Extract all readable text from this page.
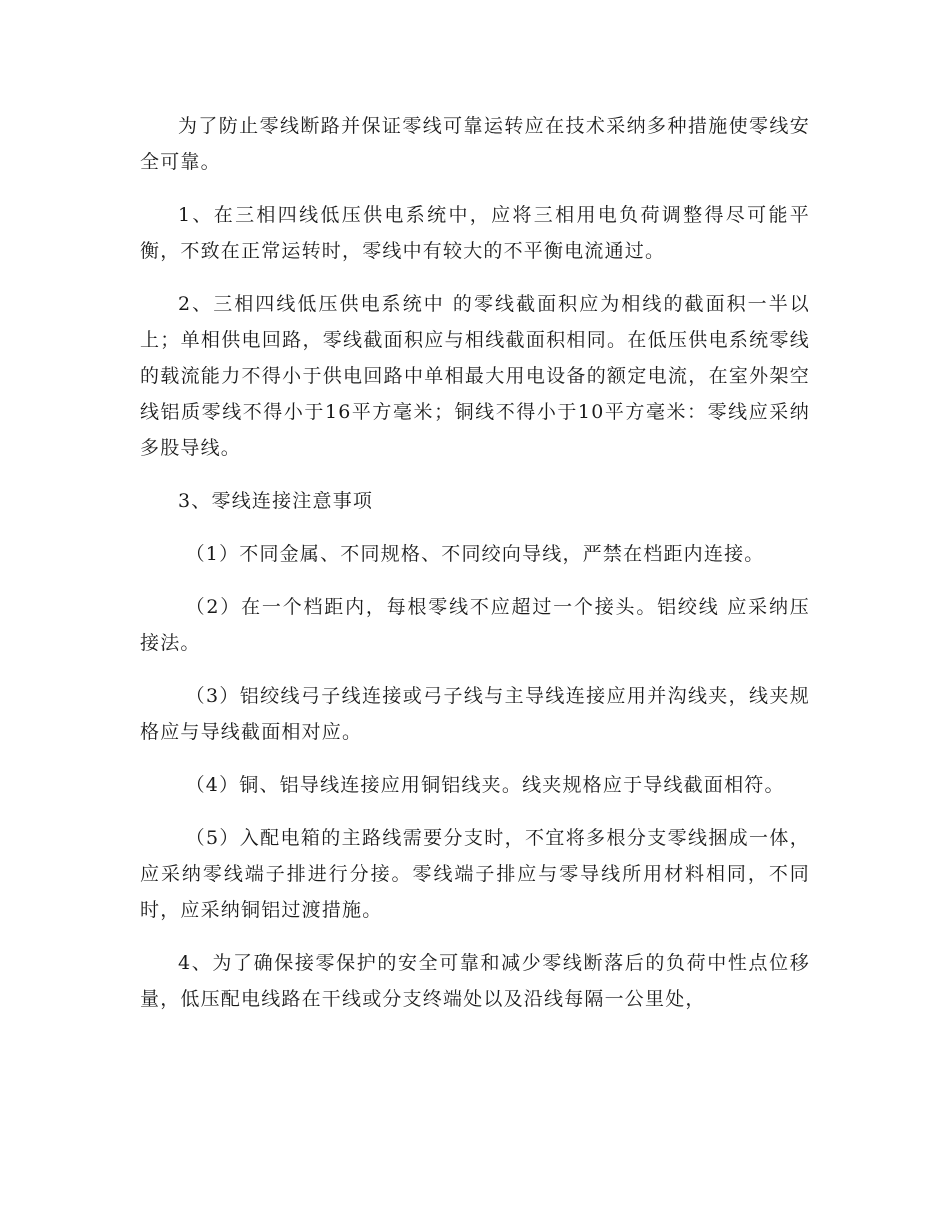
为了防止零线断路并保证零线可靠运转应在技术采纳多种措施使零线安全可靠。

1、在三相四线低压供电系统中，应将三相用电负荷调整得尽可能平衡，不致在正常运转时，零线中有较大的不平衡电流通过。

2、三相四线低压供电系统中 的零线截面积应为相线的截面积一半以上；单相供电回路，零线截面积应与相线截面积相同。在低压供电系统零线的载流能力不得小于供电回路中单相最大用电设备的额定电流，在室外架空线铝质零线不得小于16平方毫米；铜线不得小于10平方毫米：零线应采纳多股导线。

3、零线连接注意事项

（1）不同金属、不同规格、不同绞向导线，严禁在档距内连接。

（2）在一个档距内，每根零线不应超过一个接头。铝绞线 应采纳压接法。

（3）铝绞线弓子线连接或弓子线与主导线连接应用并沟线夹，线夹规格应与导线截面相对应。

（4）铜、铝导线连接应用铜铝线夹。线夹规格应于导线截面相符。

（5）入配电箱的主路线需要分支时，不宜将多根分支零线捆成一体，应采纳零线端子排进行分接。零线端子排应与零导线所用材料相同，不同时，应采纳铜铝过渡措施。

4、为了确保接零保护的安全可靠和减少零线断落后的负荷中性点位移量，低压配电线路在干线或分支终端处以及沿线每隔一公里处，
